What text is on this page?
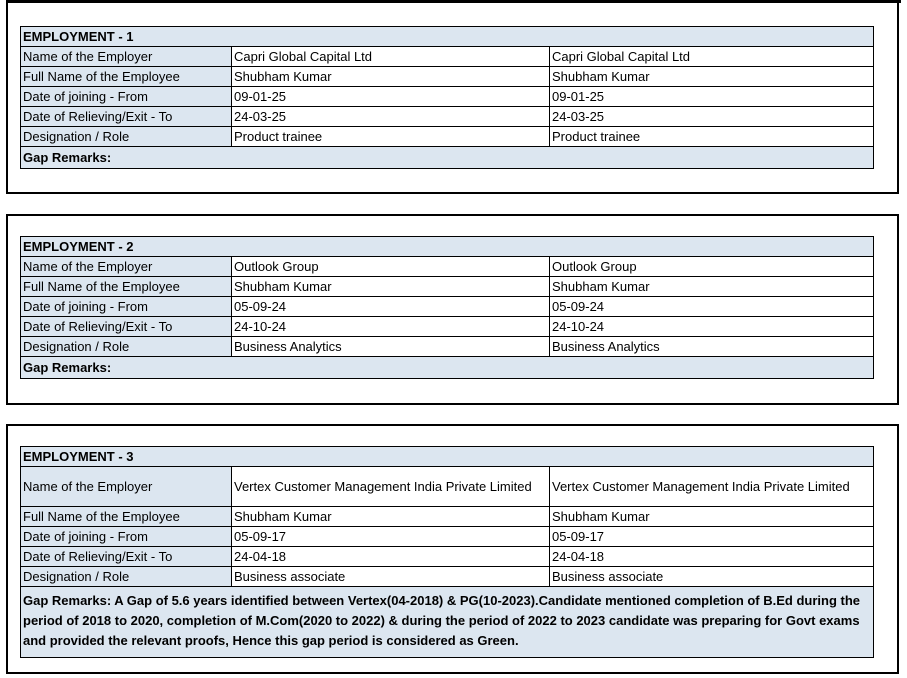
EMPLOYMENT - 1		
Name of the Employer	Capri Global Capital Ltd	Capri Global Capital Ltd
Full Name of the Employee	Shubham Kumar	Shubham Kumar
Date of joining - From	09-01-25	09-01-25
Date of Relieving/Exit - To	24-03-25	24-03-25
Designation / Role	Product trainee	Product trainee
Gap Remarks:		
EMPLOYMENT - 2		
Name of the Employer	Outlook Group	Outlook Group
Full Name of the Employee	Shubham Kumar	Shubham Kumar
Date of joining - From	05-09-24	05-09-24
Date of Relieving/Exit - To	24-10-24	24-10-24
Designation / Role	Business Analytics	Business Analytics
Gap Remarks:		
EMPLOYMENT - 3		
Name of the Employer	Vertex Customer Management India Private Limited	Vertex Customer Management India Private Limited
Full Name of the Employee	Shubham Kumar	Shubham Kumar
Date of joining - From	05-09-17	05-09-17
Date of Relieving/Exit - To	24-04-18	24-04-18
Designation / Role	Business associate	Business associate
Gap Remarks: A Gap of 5.6 years identified between Vertex(04-2018) & PG(10-2023).Candidate mentioned completion of B.Ed during the period of 2018 to 2020, completion of M.Com(2020 to 2022) & during the period of 2022 to 2023 candidate was preparing for Govt exams and provided the relevant proofs, Hence this gap period is considered as Green.		
